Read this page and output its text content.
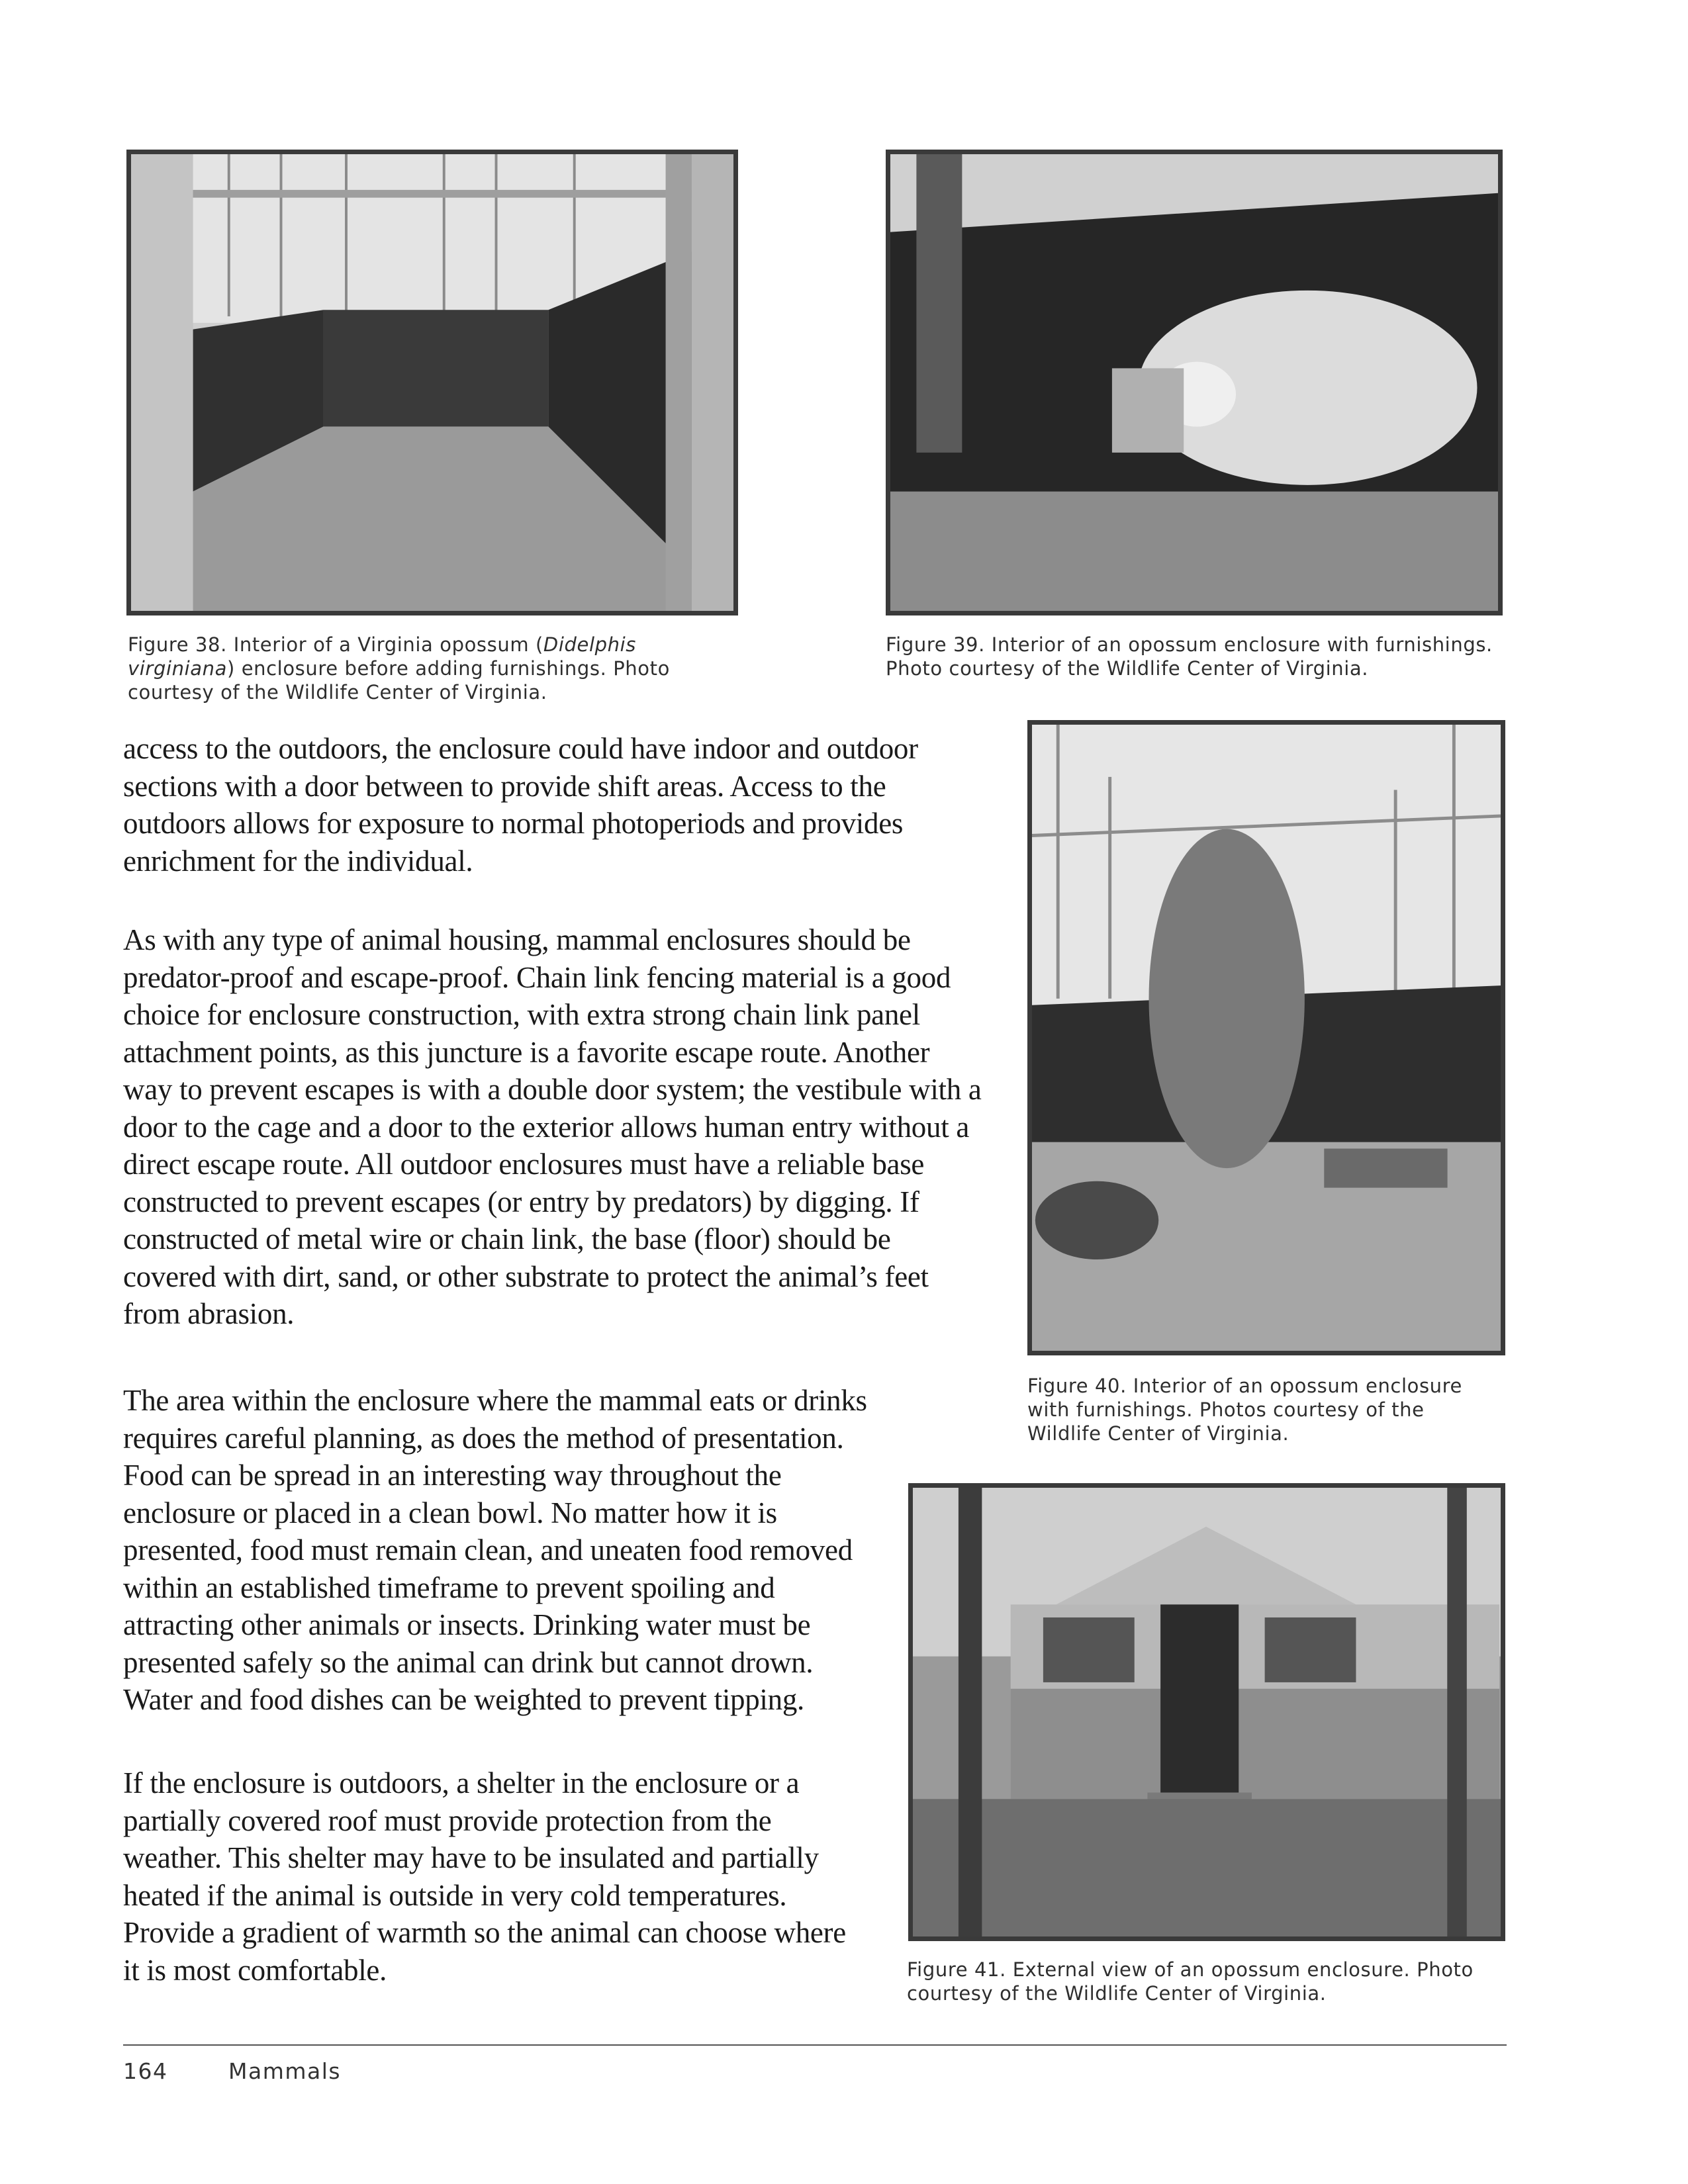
Figure 38. Interior of a Virginia opossum (Didelphis virginiana) enclosure before adding furnishings. Photo courtesy of the Wildlife Center of Virginia.

Figure 39. Interior of an opossum enclosure with furnishings. Photo courtesy of the Wildlife Center of Virginia.

Figure 40. Interior of an opossum enclosure with furnishings. Photos courtesy of the Wildlife Center of Virginia.

Figure 41. External view of an opossum enclosure. Photo courtesy of the Wildlife Center of Virginia.

access to the outdoors, the enclosure could have indoor and outdoor sections with a door between to provide shift areas. Access to the outdoors allows for exposure to normal photoperiods and provides enrichment for the individual.

As with any type of animal housing, mammal enclosures should be predator-proof and escape-proof. Chain link fencing material is a good choice for enclosure construction, with extra strong chain link panel attachment points, as this juncture is a favorite escape route. Another way to prevent escapes is with a double door system; the vestibule with a door to the cage and a door to the exterior allows human entry without a direct escape route. All outdoor enclosures must have a reliable base constructed to prevent escapes (or entry by predators) by digging. If constructed of metal wire or chain link, the base (floor) should be covered with dirt, sand, or other substrate to protect the animal’s feet from abrasion.

The area within the enclosure where the mammal eats or drinks requires careful planning, as does the method of presentation. Food can be spread in an interesting way throughout the enclosure or placed in a clean bowl. No matter how it is presented, food must remain clean, and uneaten food removed within an established timeframe to prevent spoiling and attracting other animals or insects. Drinking water must be presented safely so the animal can drink but cannot drown. Water and food dishes can be weighted to prevent tipping.

If the enclosure is outdoors, a shelter in the enclosure or a partially covered roof must provide protection from the weather. This shelter may have to be insulated and partially heated if the animal is outside in very cold temperatures. Provide a gradient of warmth so the animal can choose where it is most comfortable.

164	Mammals
